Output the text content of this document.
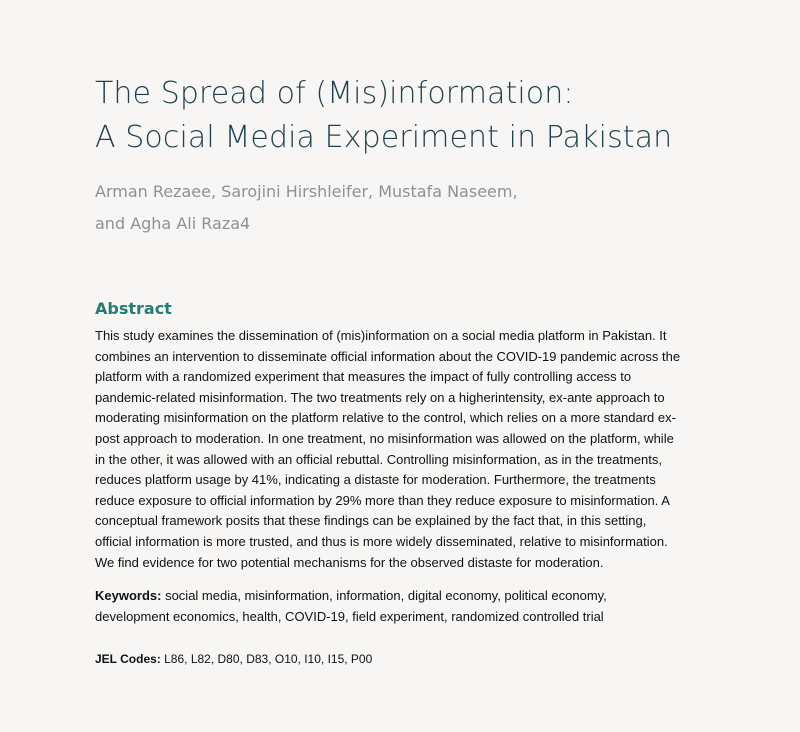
The Spread of (Mis)information:
A Social Media Experiment in Pakistan
Arman Rezaee, Sarojini Hirshleifer, Mustafa Naseem,
and Agha Ali Raza4
Abstract
This study examines the dissemination of (mis)information on a social media platform in Pakistan. It
combines an intervention to disseminate official information about the COVID-19 pandemic across the
platform with a randomized experiment that measures the impact of fully controlling access to
pandemic-related misinformation. The two treatments rely on a higherintensity, ex-ante approach to
moderating misinformation on the platform relative to the control, which relies on a more standard ex-
post approach to moderation. In one treatment, no misinformation was allowed on the platform, while
in the other, it was allowed with an official rebuttal. Controlling misinformation, as in the treatments,
reduces platform usage by 41%, indicating a distaste for moderation. Furthermore, the treatments
reduce exposure to official information by 29% more than they reduce exposure to misinformation. A
conceptual framework posits that these findings can be explained by the fact that, in this setting,
official information is more trusted, and thus is more widely disseminated, relative to misinformation.
We find evidence for two potential mechanisms for the observed distaste for moderation.
Keywords: social media, misinformation, information, digital economy, political economy,
development economics, health, COVID-19, field experiment, randomized controlled trial
JEL Codes: L86, L82, D80, D83, O10, I10, I15, P00
